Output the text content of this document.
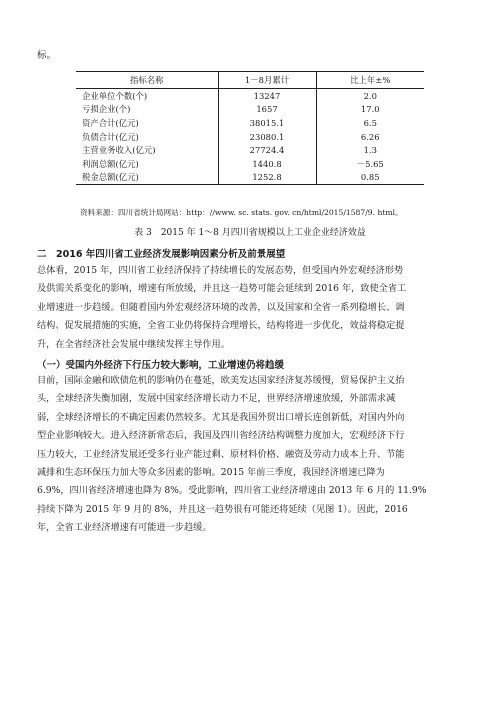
标。
指标名称	1－8月累计	比上年±%
企业单位个数(个)	13247	2.0
亏损企业(个)	1657	17.0
资产合计(亿元)	38015.1	6.5
负债合计(亿元)	23080.1	6.26
主营业务收入(亿元)	27724.4	1.3
利润总额(亿元)	1440.8	－5.65
税金总额(亿元)	1252.8	0.85
资料来源：四川省统计局网站：http：//www. sc. stats. gov. cn/html/2015/1587/9. html。
表 3　2015 年 1～8 月四川省规模以上工业企业经济效益
二　2016 年四川省工业经济发展影响因素分析及前景展望
总体看，2015 年，四川省工业经济保持了持续增长的发展态势，但受国内外宏观经济形势
及供需关系变化的影响，增速有所放缓，并且这一趋势可能会延续到 2016 年，致使全省工
业增速进一步趋缓。但随着国内外宏观经济环境的改善，以及国家和全省一系列稳增长、调
结构、促发展措施的实施，全省工业仍将保持合理增长，结构将进一步优化，效益将稳定提
升，在全省经济社会发展中继续发挥主导作用。
（一）受国内外经济下行压力较大影响，工业增速仍将趋缓
目前，国际金融和欧债危机的影响仍在蔓延，欧美发达国家经济复苏缓慢，贸易保护主义抬
头，全球经济失衡加剧，发展中国家经济增长动力不足，世界经济增速放缓，外部需求减
弱，全球经济增长的不确定因素仍然较多。尤其是我国外贸出口增长连创新低，对国内外向
型企业影响较大。进入经济新常态后，我国及四川省经济结构调整力度加大，宏观经济下行
压力较大，工业经济发展还受多行业产能过剩、原材料价格、融资及劳动力成本上升、节能
减排和生态环保压力加大等众多因素的影响。2015 年前三季度，我国经济增速已降为
6.9%，四川省经济增速也降为 8%。受此影响，四川省工业经济增速由 2013 年 6 月的 11.9%
持续下降为 2015 年 9 月的 8%，并且这一趋势很有可能还将延续（见图 1）。因此，2016
年，全省工业经济增速有可能进一步趋缓。
